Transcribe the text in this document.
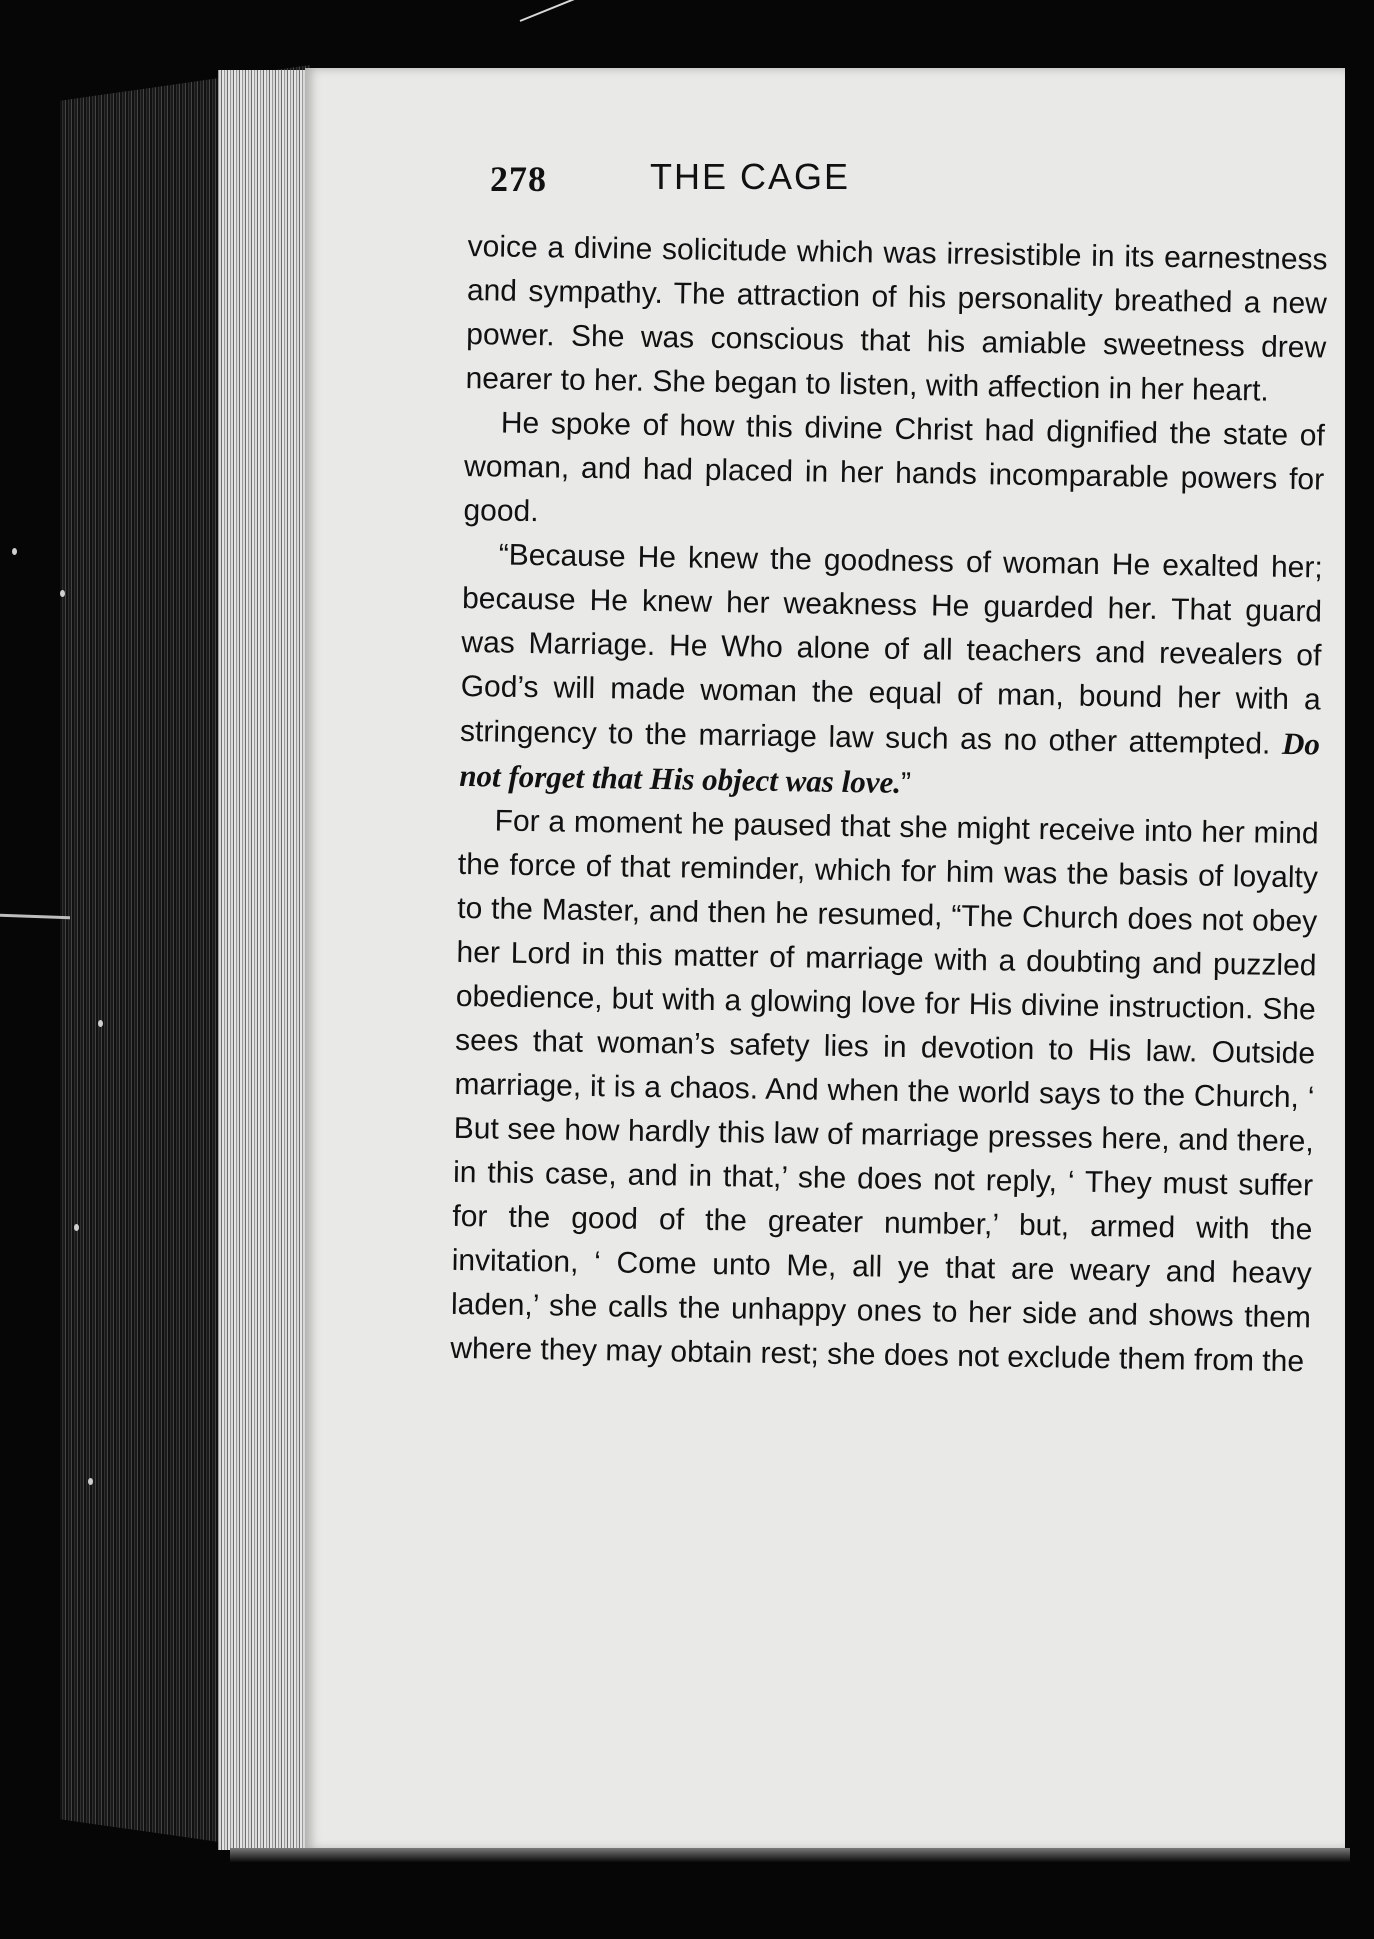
278	THE CAGE

voice a divine solicitude which was irresistible in its earnestness and sympathy. The attraction of his personality breathed a new power. She was conscious that his amiable sweetness drew nearer to her. She began to listen, with affection in her heart.

He spoke of how this divine Christ had dignified the state of woman, and had placed in her hands incomparable powers for good.

“Because He knew the goodness of woman He exalted her; because He knew her weakness He guarded her. That guard was Marriage. He Who alone of all teachers and revealers of God’s will made woman the equal of man, bound her with a stringency to the marriage law such as no other attempted. Do not forget that His object was love.”

For a moment he paused that she might receive into her mind the force of that reminder, which for him was the basis of loyalty to the Master, and then he resumed, “The Church does not obey her Lord in this matter of marriage with a doubting and puzzled obedience, but with a glowing love for His divine instruction. She sees that woman’s safety lies in devotion to His law. Outside marriage, it is a chaos. And when the world says to the Church, ‘ But see how hardly this law of marriage presses here, and there, in this case, and in that,’ she does not reply, ‘ They must suffer for the good of the greater number,’ but, armed with the invitation, ‘ Come unto Me, all ye that are weary and heavy laden,’ she calls the unhappy ones to her side and shows them where they may obtain rest; she does not exclude them from the
